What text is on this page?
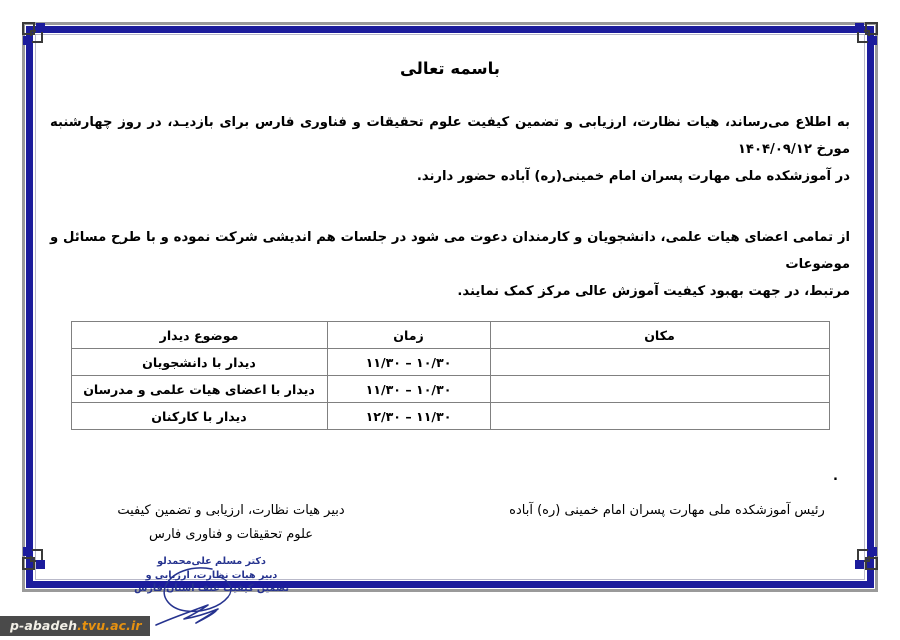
باسمه تعالی

به اطلاع می‌رساند، هیات نظارت، ارزیابی و تضمین کیفیت علوم تحقیقات و فناوری فارس برای بازدیـد، در روز چهارشنبه مورخ ۱۴۰۴/۰۹/۱۲
در آموزشکده ملی مهارت پسران امام خمینی(ره) آباده حضور دارند.

از تمامی اعضای هیات علمی، دانشجویان و کارمندان دعوت می شود در جلسات هم اندیشی شرکت نموده و با طرح مسائل و موضوعات
مرتبط، در جهت بهبود کیفیت آموزش عالی مرکز کمک نمایند.

مکان	زمان	موضوع دیدار
	۱۰/۳۰ – ۱۱/۳۰	دیدار با دانشجویان
	۱۰/۳۰ – ۱۱/۳۰	دیدار با اعضای هیات علمی و مدرسان
	۱۱/۳۰ – ۱۲/۳۰	دیدار با کارکنان
.
رئیس آموزشکده ملی مهارت پسران امام خمینی (ره) آباده
دبیر هیات نظارت، ارزیابی و تضمین کیفیت
علوم تحقیقات و فناوری فارس
دکتر مسلم علی‌محمدلو
دبیر هیات نظارت، ارزیابی و
تضمین کیفیت عتف استان فارس
p-abadeh.tvu.ac.ir
